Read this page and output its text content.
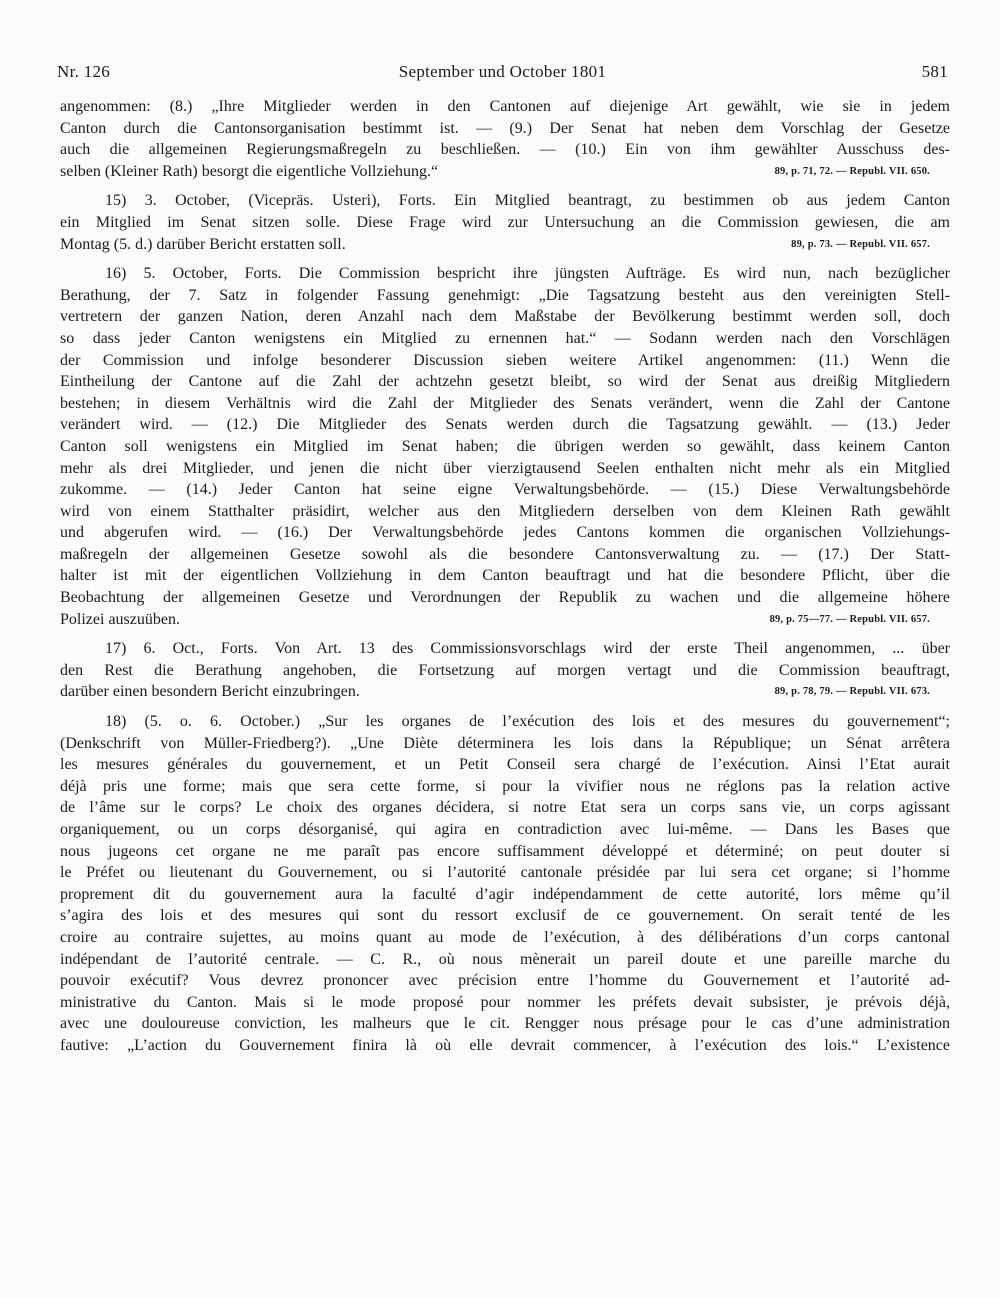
Nr. 126	September und October 1801	581
angenommen: (8.) „Ihre Mitglieder werden in den Cantonen auf diejenige Art gewählt, wie sie in jedem
Canton durch die Cantonsorganisation bestimmt ist. — (9.) Der Senat hat neben dem Vorschlag der Gesetze
auch die allgemeinen Regierungsmaßregeln zu beschließen. — (10.) Ein von ihm gewählter Ausschuss des-
selben (Kleiner Rath) besorgt die eigentliche Vollziehung.“	89, p. 71, 72. — Republ. VII. 650.
15) 3. October, (Vicepräs. Usteri), Forts. Ein Mitglied beantragt, zu bestimmen ob aus jedem Canton
ein Mitglied im Senat sitzen solle. Diese Frage wird zur Untersuchung an die Commission gewiesen, die am
Montag (5. d.) darüber Bericht erstatten soll.	89, p. 73. — Republ. VII. 657.
16) 5. October, Forts. Die Commission bespricht ihre jüngsten Aufträge. Es wird nun, nach bezüglicher
Berathung, der 7. Satz in folgender Fassung genehmigt: „Die Tagsatzung besteht aus den vereinigten Stell-
vertretern der ganzen Nation, deren Anzahl nach dem Maßstabe der Bevölkerung bestimmt werden soll, doch
so dass jeder Canton wenigstens ein Mitglied zu ernennen hat.“ — Sodann werden nach den Vorschlägen
der Commission und infolge besonderer Discussion sieben weitere Artikel angenommen: (11.) Wenn die
Eintheilung der Cantone auf die Zahl der achtzehn gesetzt bleibt, so wird der Senat aus dreißig Mitgliedern
bestehen; in diesem Verhältnis wird die Zahl der Mitglieder des Senats verändert, wenn die Zahl der Cantone
verändert wird. — (12.) Die Mitglieder des Senats werden durch die Tagsatzung gewählt. — (13.) Jeder
Canton soll wenigstens ein Mitglied im Senat haben; die übrigen werden so gewählt, dass keinem Canton
mehr als drei Mitglieder, und jenen die nicht über vierzigtausend Seelen enthalten nicht mehr als ein Mitglied
zukomme. — (14.) Jeder Canton hat seine eigne Verwaltungsbehörde. — (15.) Diese Verwaltungsbehörde
wird von einem Statthalter präsidirt, welcher aus den Mitgliedern derselben von dem Kleinen Rath gewählt
und abgerufen wird. — (16.) Der Verwaltungsbehörde jedes Cantons kommen die organischen Vollziehungs-
maßregeln der allgemeinen Gesetze sowohl als die besondere Cantonsverwaltung zu. — (17.) Der Statt-
halter ist mit der eigentlichen Vollziehung in dem Canton beauftragt und hat die besondere Pflicht, über die
Beobachtung der allgemeinen Gesetze und Verordnungen der Republik zu wachen und die allgemeine höhere
Polizei auszuüben.	89, p. 75—77. — Republ. VII. 657.
17) 6. Oct., Forts. Von Art. 13 des Commissionsvorschlags wird der erste Theil angenommen, ... über
den Rest die Berathung angehoben, die Fortsetzung auf morgen vertagt und die Commission beauftragt,
darüber einen besondern Bericht einzubringen.	89, p. 78, 79. — Republ. VII. 673.
18) (5. o. 6. October.) „Sur les organes de l’exécution des lois et des mesures du gouvernement“;
(Denkschrift von Müller-Friedberg?). „Une Diète déterminera les lois dans la République; un Sénat arrêtera
les mesures générales du gouvernement, et un Petit Conseil sera chargé de l’exécution. Ainsi l’Etat aurait
déjà pris une forme; mais que sera cette forme, si pour la vivifier nous ne réglons pas la relation active
de l’âme sur le corps? Le choix des organes décidera, si notre Etat sera un corps sans vie, un corps agissant
organiquement, ou un corps désorganisé, qui agira en contradiction avec lui-même. — Dans les Bases que
nous jugeons cet organe ne me paraît pas encore suffisamment développé et déterminé; on peut douter si
le Préfet ou lieutenant du Gouvernement, ou si l’autorité cantonale présidée par lui sera cet organe; si l’homme
proprement dit du gouvernement aura la faculté d’agir indépendamment de cette autorité, lors même qu’il
s’agira des lois et des mesures qui sont du ressort exclusif de ce gouvernement. On serait tenté de les
croire au contraire sujettes, au moins quant au mode de l’exécution, à des délibérations d’un corps cantonal
indépendant de l’autorité centrale. — C. R., où nous mènerait un pareil doute et une pareille marche du
pouvoir exécutif? Vous devrez prononcer avec précision entre l’homme du Gouvernement et l’autorité ad-
ministrative du Canton. Mais si le mode proposé pour nommer les préfets devait subsister, je prévois déjà,
avec une douloureuse conviction, les malheurs que le cit. Rengger nous présage pour le cas d’une administration
fautive: „L’action du Gouvernement finira là où elle devrait commencer, à l’exécution des lois.“ L’existence
